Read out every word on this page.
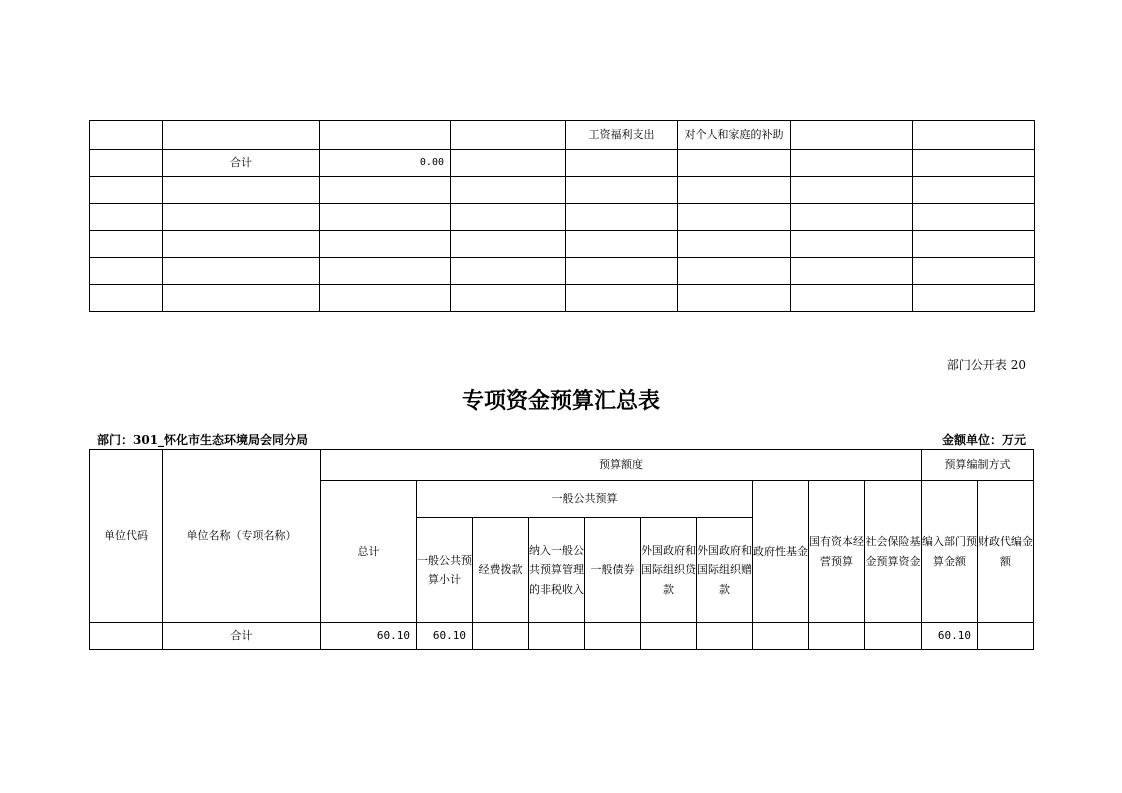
				工资福利支出	对个人和家庭的补助		
	合计	0.00					

部门公开表 20
专项资金预算汇总表
部门：301_怀化市生态环境局会同分局	金额单位：万元
单位代码	单位名称（专项名称）	预算额度										预算编制方式	
		总计	一般公共预算						政府性基金	国有资本经营预算	社会保险基金预算资金	编入部门预算金额	财政代编金额
			一般公共预算小计	经费拨款	纳入一般公共预算管理的非税收入	一般债券	外国政府和国际组织贷款	外国政府和国际组织赠款					
	合计	60.10	60.10									60.10	
